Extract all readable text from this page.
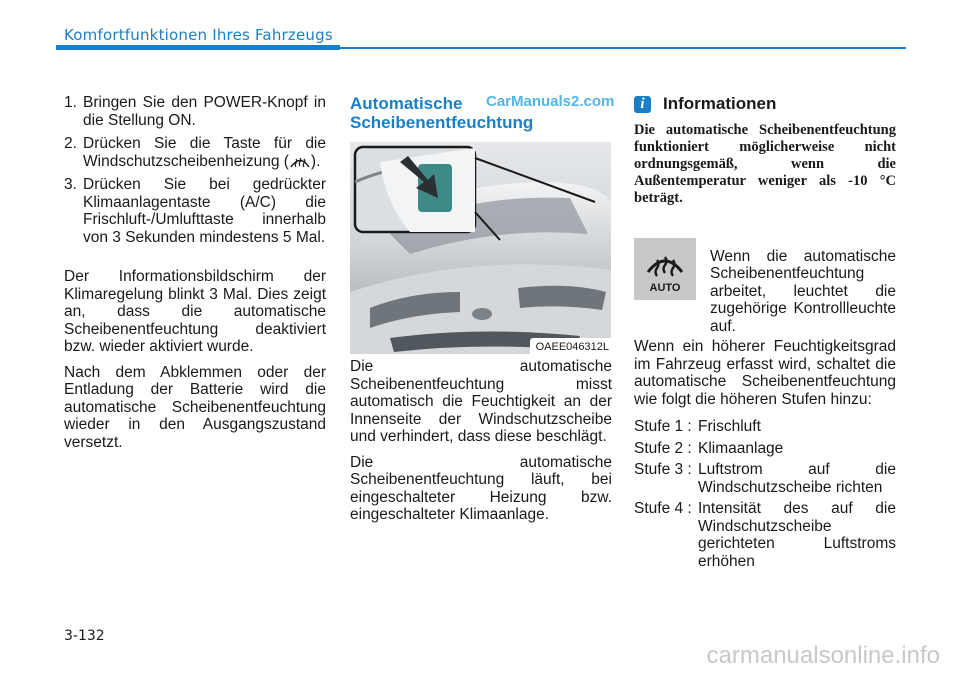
Komfortfunktionen Ihres Fahrzeugs
1. Bringen Sie den POWER-Knopf in die Stellung ON.
2. Drücken Sie die Taste für die Windschutzscheibenheizung ( ).
3. Drücken Sie bei gedrückter Klimaanlagentaste (A/C) die Frischluft-/Umlufttaste innerhalb von 3 Sekunden mindestens 5 Mal.

Der Informationsbildschirm der Klimaregelung blinkt 3 Mal. Dies zeigt an, dass die automatische Scheibenentfeuchtung deaktiviert bzw. wieder aktiviert wurde.

Nach dem Abklemmen oder der Entladung der Batterie wird die automatische Scheibenentfeuchtung wieder in den Ausgangszustand versetzt.

Automatische
Scheibenentfeuchtung
CarManuals2.com
OAEE046312L

Die automatische Scheibenentfeuchtung misst automatisch die Feuchtigkeit an der Innenseite der Windschutzscheibe und verhindert, dass diese beschlägt.

Die automatische Scheibenentfeuchtung läuft, bei eingeschalteter Heizung bzw. eingeschalteter Klimaanlage.

i	Informationen

Die automatische Scheibenentfeuchtung funktioniert möglicherweise nicht ordnungsgemäß, wenn die Außentemperatur weniger als -10 °C beträgt.

AUTO

Wenn die automatische Scheibenentfeuchtung arbeitet, leuchtet die zugehörige Kontrollleuchte auf.

Wenn ein höherer Feuchtigkeitsgrad im Fahrzeug erfasst wird, schaltet die automatische Scheibenentfeuchtung wie folgt die höheren Stufen hinzu:

Stufe 1 : Frischluft
Stufe 2 : Klimaanlage
Stufe 3 : Luftstrom auf die Windschutzscheibe richten
Stufe 4 : Intensität des auf die Windschutzscheibe gerichteten Luftstroms erhöhen
3-132
carmanualsonline.info
